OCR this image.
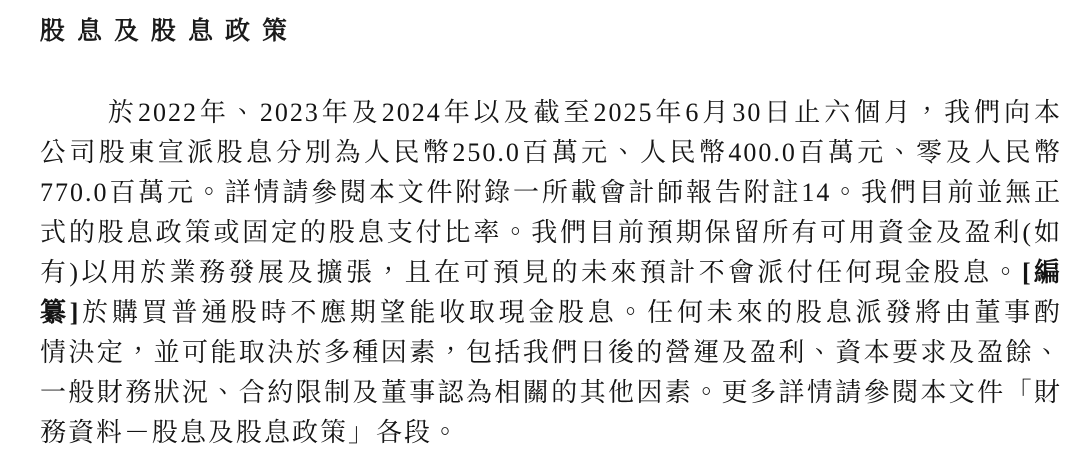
股息及股息政策
於2022年、2023年及2024年以及截至2025年6月30日止六個月，我們向本
公司股東宣派股息分別為人民幣250.0百萬元、人民幣400.0百萬元、零及人民幣
770.0百萬元。詳情請參閱本文件附錄一所載會計師報告附註14。我們目前並無正
式的股息政策或固定的股息支付比率。我們目前預期保留所有可用資金及盈利(如
有)以用於業務發展及擴張，且在可預見的未來預計不會派付任何現金股息。[編
纂]於購買普通股時不應期望能收取現金股息。任何未來的股息派發將由董事酌
情決定，並可能取決於多種因素，包括我們日後的營運及盈利、資本要求及盈餘、
一般財務狀況、合約限制及董事認為相關的其他因素。更多詳情請參閱本文件「財
務資料－股息及股息政策」各段。
